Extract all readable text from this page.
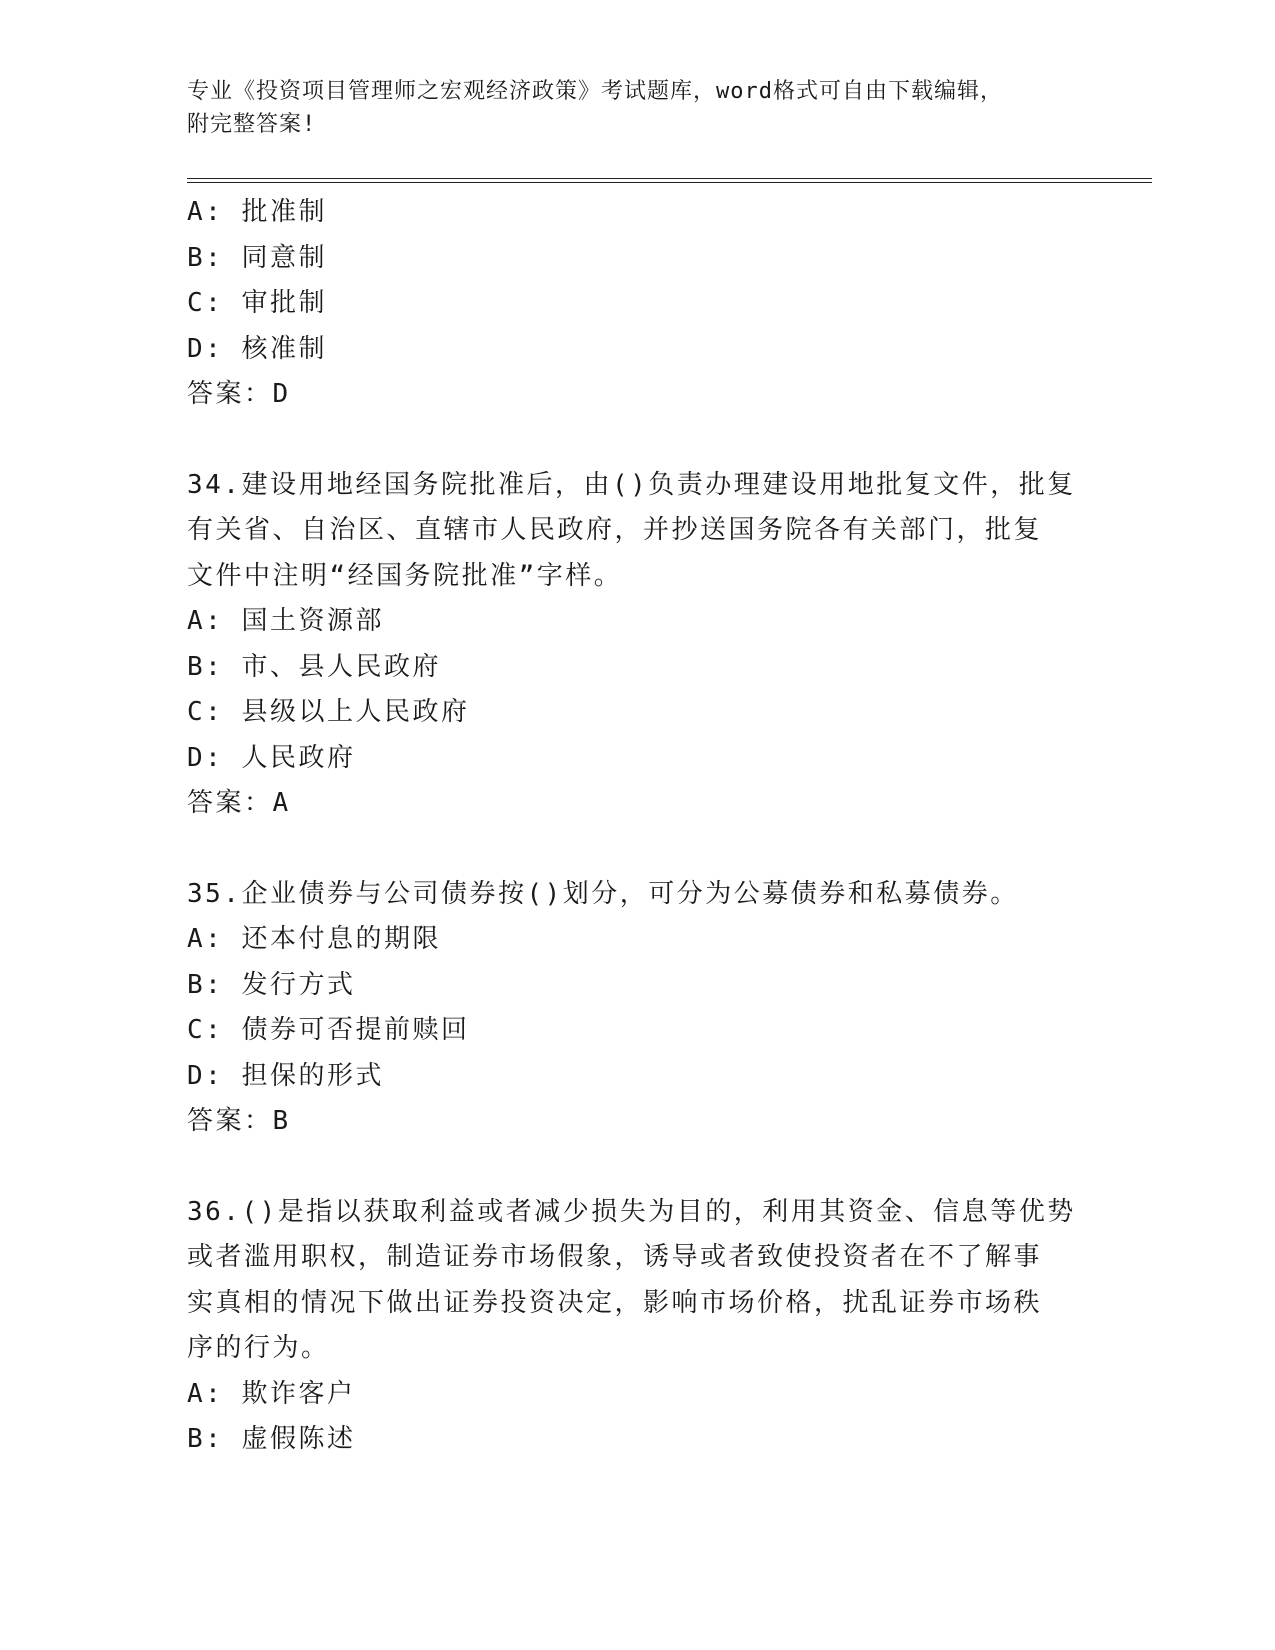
专业《投资项目管理师之宏观经济政策》考试题库，word格式可自由下载编辑，
附完整答案!
A: 批准制
B: 同意制
C: 审批制
D: 核准制
答案：D
34.建设用地经国务院批准后，由()负责办理建设用地批复文件，批复
有关省、自治区、直辖市人民政府，并抄送国务院各有关部门，批复
文件中注明“经国务院批准”字样。
A: 国土资源部
B: 市、县人民政府
C: 县级以上人民政府
D: 人民政府
答案：A
35.企业债券与公司债券按()划分，可分为公募债券和私募债券。
A: 还本付息的期限
B: 发行方式
C: 债券可否提前赎回
D: 担保的形式
答案：B
36.()是指以获取利益或者减少损失为目的，利用其资金、信息等优势
或者滥用职权，制造证券市场假象，诱导或者致使投资者在不了解事
实真相的情况下做出证券投资决定，影响市场价格，扰乱证券市场秩
序的行为。
A: 欺诈客户
B: 虚假陈述
